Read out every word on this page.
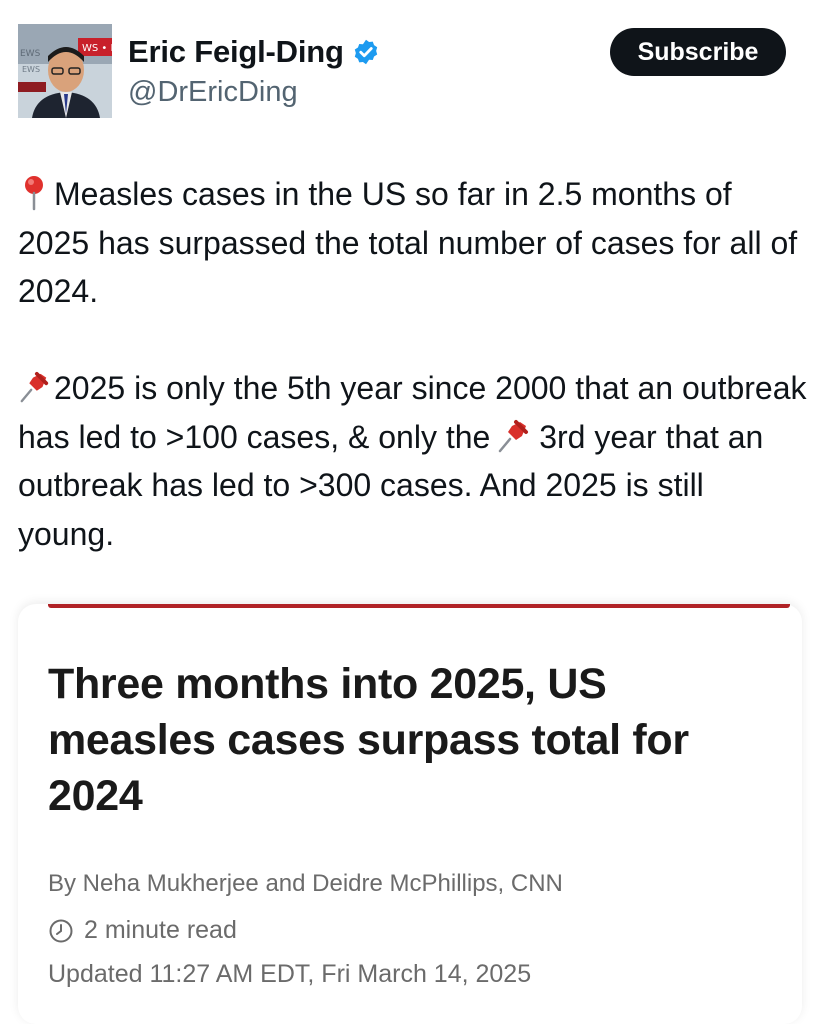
WS • E
EWS
EWS
Eric Feigl-Ding
@DrEricDing
Subscribe

Measles cases in the US so far in 2.5 months of 2025 has surpassed the total number of cases for all of 2024.

2025 is only the 5th year since 2000 that an outbreak has led to >100 cases, & only the 3rd year that an outbreak has led to >300 cases. And 2025 is still young.

Three months into 2025, US measles cases surpass total for 2024
By Neha Mukherjee and Deidre McPhillips, CNN
2 minute read
Updated 11:27 AM EDT, Fri March 14, 2025
